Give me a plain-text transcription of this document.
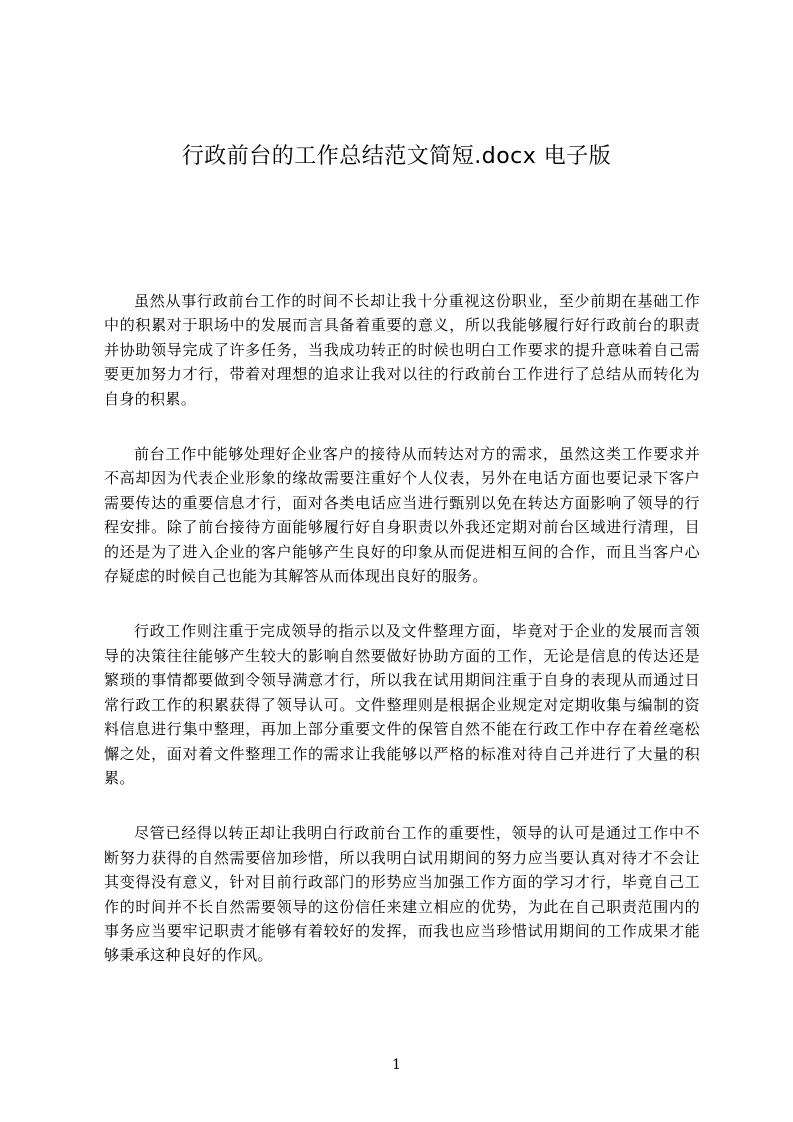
行政前台的工作总结范文简短.docx 电子版

虽然从事行政前台工作的时间不长却让我十分重视这份职业，至少前期在基础工作中的积累对于职场中的发展而言具备着重要的意义，所以我能够履行好行政前台的职责并协助领导完成了许多任务，当我成功转正的时候也明白工作要求的提升意味着自己需要更加努力才行，带着对理想的追求让我对以往的行政前台工作进行了总结从而转化为自身的积累。

前台工作中能够处理好企业客户的接待从而转达对方的需求，虽然这类工作要求并不高却因为代表企业形象的缘故需要注重好个人仪表，另外在电话方面也要记录下客户需要传达的重要信息才行，面对各类电话应当进行甄别以免在转达方面影响了领导的行程安排。除了前台接待方面能够履行好自身职责以外我还定期对前台区域进行清理，目的还是为了进入企业的客户能够产生良好的印象从而促进相互间的合作，而且当客户心存疑虑的时候自己也能为其解答从而体现出良好的服务。

行政工作则注重于完成领导的指示以及文件整理方面，毕竟对于企业的发展而言领导的决策往往能够产生较大的影响自然要做好协助方面的工作，无论是信息的传达还是繁琐的事情都要做到令领导满意才行，所以我在试用期间注重于自身的表现从而通过日常行政工作的积累获得了领导认可。文件整理则是根据企业规定对定期收集与编制的资料信息进行集中整理，再加上部分重要文件的保管自然不能在行政工作中存在着丝毫松懈之处，面对着文件整理工作的需求让我能够以严格的标准对待自己并进行了大量的积累。

尽管已经得以转正却让我明白行政前台工作的重要性，领导的认可是通过工作中不断努力获得的自然需要倍加珍惜，所以我明白试用期间的努力应当要认真对待才不会让其变得没有意义，针对目前行政部门的形势应当加强工作方面的学习才行，毕竟自己工作的时间并不长自然需要领导的这份信任来建立相应的优势，为此在自己职责范围内的事务应当要牢记职责才能够有着较好的发挥，而我也应当珍惜试用期间的工作成果才能够秉承这种良好的作风。

1
